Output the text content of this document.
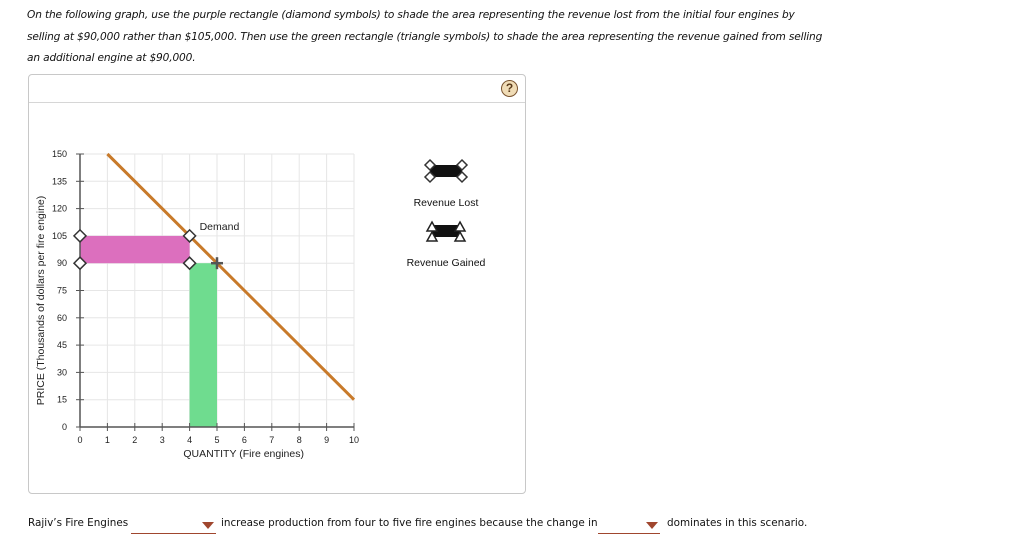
On the following graph, use the purple rectangle (diamond symbols) to shade the area representing the revenue lost from the initial four engines by selling at $90,000 rather than $105,000. Then use the green rectangle (triangle symbols) to shade the area representing the revenue gained from selling an additional engine at $90,000.
?
0
15
30
45
60
75
90
105
120
135
150
0 1 2 3 4 5 6 7 8 9 10
QUANTITY (Fire engines)
PRICE (Thousands of dollars per fire engine)	Demand
Revenue Lost
Revenue Gained
Rajiv’s Fire Engines	increase production from four to five fire engines because the change in	dominates in this scenario.
